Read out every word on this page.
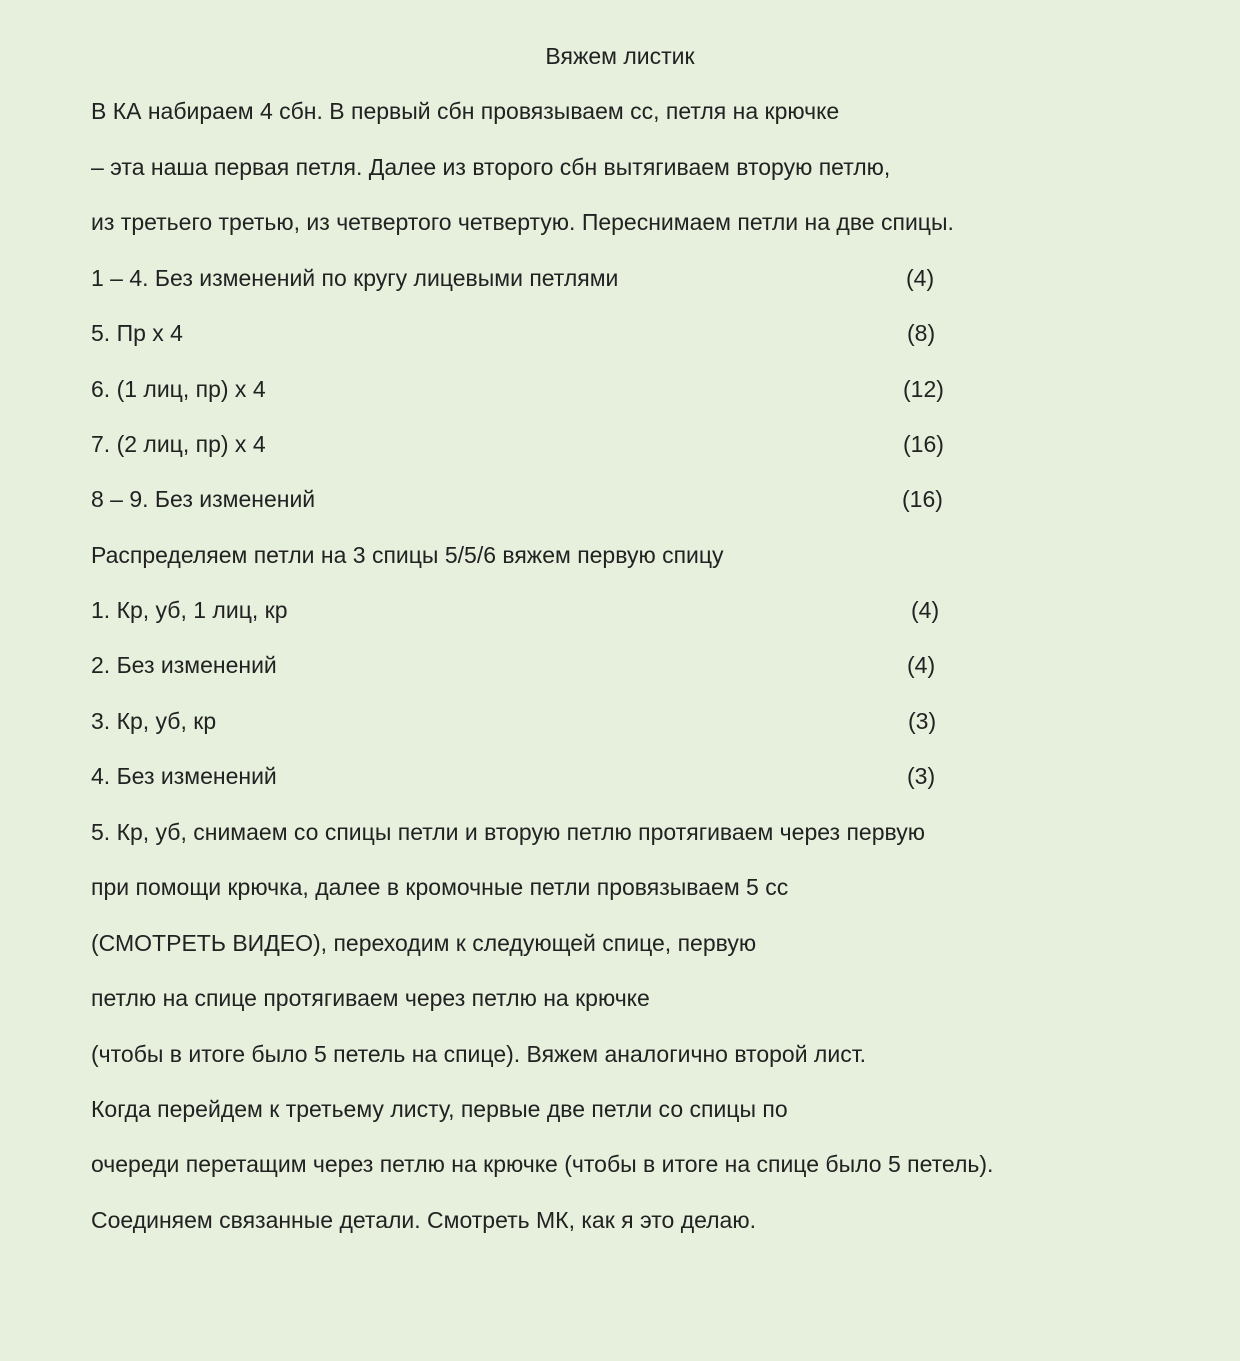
Вяжем листик
В КА набираем 4 сбн. В первый сбн провязываем сс, петля на крючке
– эта наша первая петля. Далее из второго сбн вытягиваем вторую петлю,
из третьего третью, из четвертого четвертую. Переснимаем петли на две спицы.
1 – 4. Без изменений по кругу лицевыми петлями	(4)
5. Пр х 4	(8)
6. (1 лиц, пр) х 4	(12)
7. (2 лиц, пр) х 4	(16)
8 – 9. Без изменений	(16)
Распределяем петли на 3 спицы 5/5/6 вяжем первую спицу
1. Кр, уб, 1 лиц, кр	(4)
2. Без изменений	(4)
3. Кр, уб, кр	(3)
4. Без изменений	(3)
5. Кр, уб, снимаем со спицы петли и вторую петлю протягиваем через первую
при помощи крючка, далее в кромочные петли провязываем 5 сс
(СМОТРЕТЬ ВИДЕО), переходим к следующей спице, первую
петлю на спице протягиваем через петлю на крючке
(чтобы в итоге было 5 петель на спице). Вяжем аналогично второй лист.
Когда перейдем к третьему листу, первые две петли со спицы по
очереди перетащим через петлю на крючке (чтобы в итоге на спице было 5 петель).
Соединяем связанные детали. Смотреть МК, как я это делаю.
